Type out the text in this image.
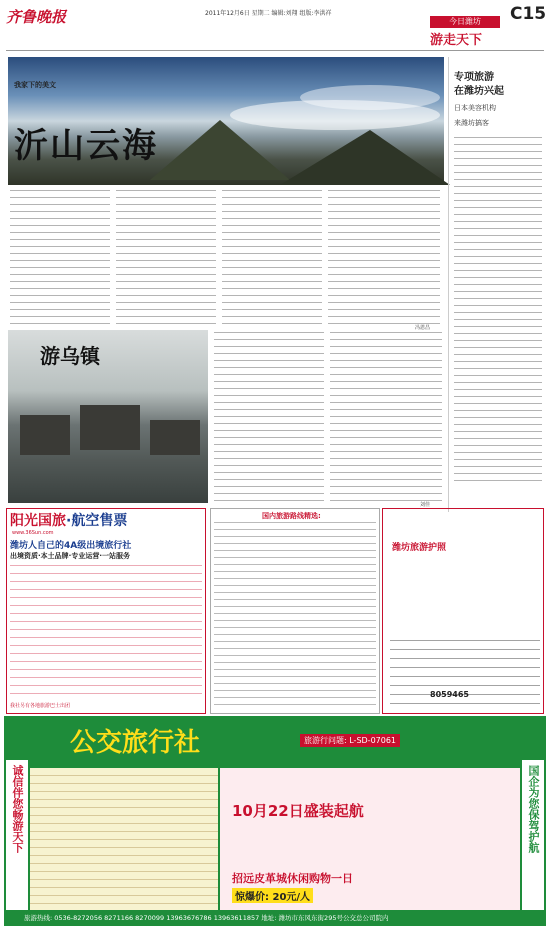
齐鲁晚报	2011年12月6日 星期二 编辑:刘翔 组版:李洪祥	C15
今日潍坊
游走天下
我家下的美文
沂山云海
冯恩昌
游乌镇
刘佳
专项旅游
在潍坊兴起
日本美容机构
来潍坊搞客
阳光国旅·航空售票
www.36Sun.com
潍坊人自己的4A级出境旅行社
出境资质·本土品牌·专业运营·一站服务
我社另有各地旅游巴士出团
国内旅游路线精选:
潍坊旅游护照
8059465
公交旅行社	旅游行问题: L-SD-07061
诚信伴您畅游天下	国企为您保驾护航
10月22日盛装起航
招远皮革城休闲购物一日
惊爆价: 20元/人
旅游热线: 0536-8272056 8271166 8270099 13963676786 13963611857 地址: 潍坊市东风东街295号公交总公司院内
